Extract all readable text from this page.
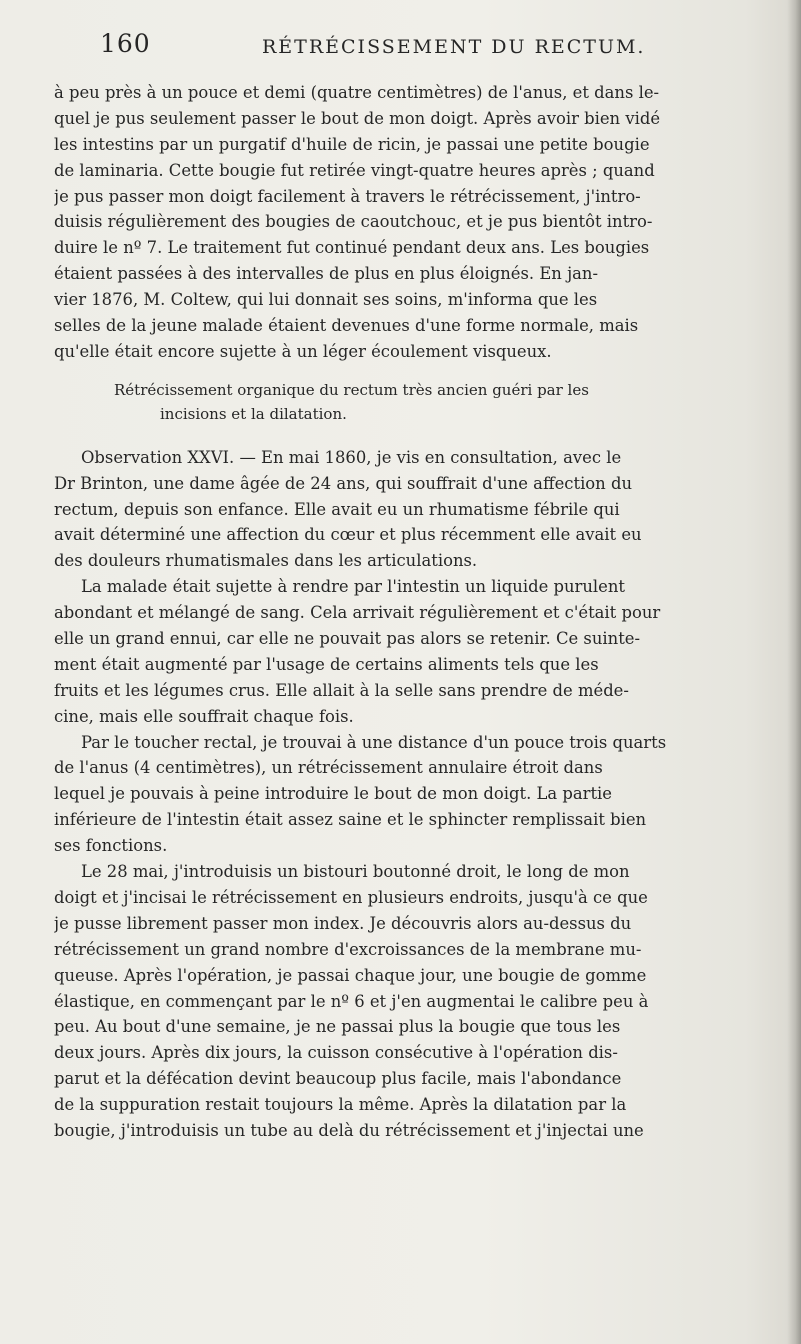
160	RÉTRÉCISSEMENT DU RECTUM.
à peu près à un pouce et demi (quatre centimètres) de l'anus, et dans le-
quel je pus seulement passer le bout de mon doigt. Après avoir bien vidé
les intestins par un purgatif d'huile de ricin, je passai une petite bougie
de laminaria. Cette bougie fut retirée vingt-quatre heures après ; quand
je pus passer mon doigt facilement à travers le rétrécissement, j'intro-
duisis régulièrement des bougies de caoutchouc, et je pus bientôt intro-
duire le nº 7. Le traitement fut continué pendant deux ans. Les bougies
étaient passées à des intervalles de plus en plus éloignés. En jan-
vier 1876, M. Coltew, qui lui donnait ses soins, m'informa que les
selles de la jeune malade étaient devenues d'une forme normale, mais
qu'elle était encore sujette à un léger écoulement visqueux.
Rétrécissement organique du rectum très ancien guéri par les
incisions et la dilatation.
Observation XXVI. — En mai 1860, je vis en consultation, avec le
Dr Brinton, une dame âgée de 24 ans, qui souffrait d'une affection du
rectum, depuis son enfance. Elle avait eu un rhumatisme fébrile qui
avait déterminé une affection du cœur et plus récemment elle avait eu
des douleurs rhumatismales dans les articulations.
La malade était sujette à rendre par l'intestin un liquide purulent
abondant et mélangé de sang. Cela arrivait régulièrement et c'était pour
elle un grand ennui, car elle ne pouvait pas alors se retenir. Ce suinte-
ment était augmenté par l'usage de certains aliments tels que les
fruits et les légumes crus. Elle allait à la selle sans prendre de méde-
cine, mais elle souffrait chaque fois.
Par le toucher rectal, je trouvai à une distance d'un pouce trois quarts
de l'anus (4 centimètres), un rétrécissement annulaire étroit dans
lequel je pouvais à peine introduire le bout de mon doigt. La partie
inférieure de l'intestin était assez saine et le sphincter remplissait bien
ses fonctions.
Le 28 mai, j'introduisis un bistouri boutonné droit, le long de mon
doigt et j'incisai le rétrécissement en plusieurs endroits, jusqu'à ce que
je pusse librement passer mon index. Je découvris alors au-dessus du
rétrécissement un grand nombre d'excroissances de la membrane mu-
queuse. Après l'opération, je passai chaque jour, une bougie de gomme
élastique, en commençant par le nº 6 et j'en augmentai le calibre peu à
peu. Au bout d'une semaine, je ne passai plus la bougie que tous les
deux jours. Après dix jours, la cuisson consécutive à l'opération dis-
parut et la défécation devint beaucoup plus facile, mais l'abondance
de la suppuration restait toujours la même. Après la dilatation par la
bougie, j'introduisis un tube au delà du rétrécissement et j'injectai une
